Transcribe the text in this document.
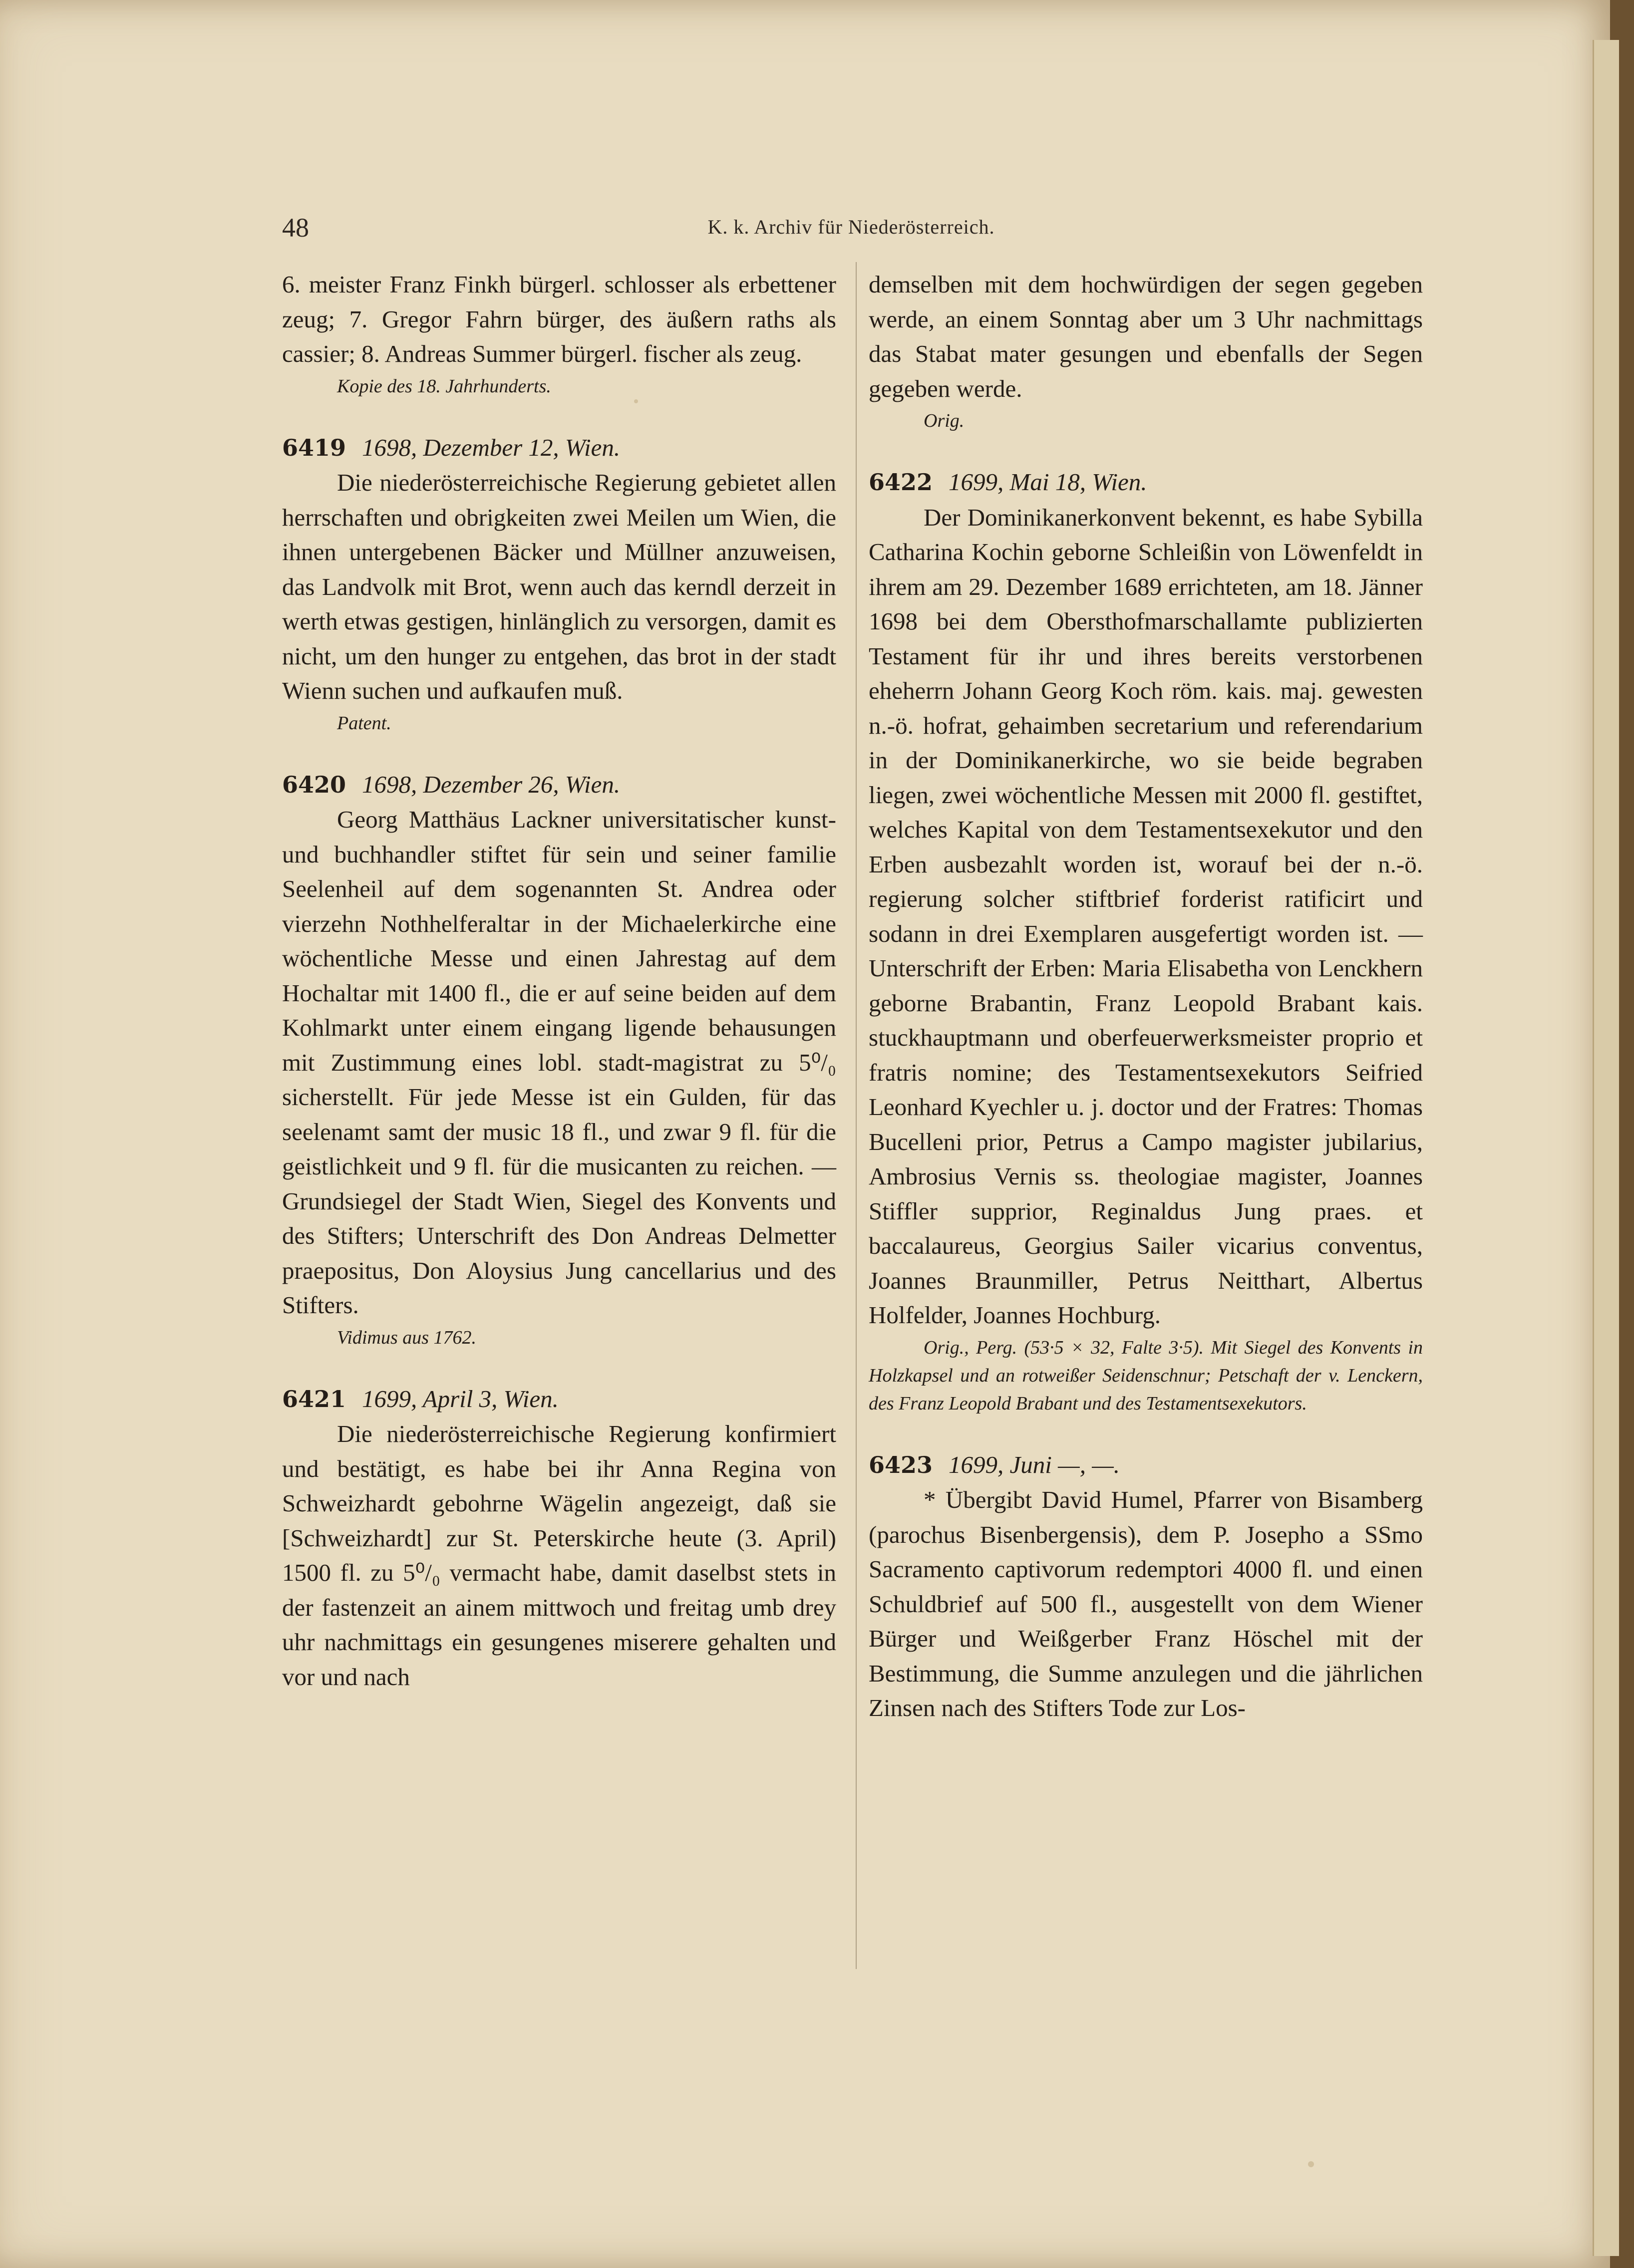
48	K. k. Archiv für Niederösterreich.

6. meister Franz Finkh bürgerl. schlosser als erbettener zeug; 7. Gregor Fahrn bürger, des äußern raths als cassier; 8. Andreas Summer bürgerl. fischer als zeug.

Kopie des 18. Jahrhunderts.

6419 1698, Dezember 12, Wien.

Die niederösterreichische Regierung gebietet allen herrschaften und obrigkeiten zwei Meilen um Wien, die ihnen untergebenen Bäcker und Müllner anzuweisen, das Landvolk mit Brot, wenn auch das kerndl derzeit in werth etwas gestigen, hinlänglich zu versorgen, damit es nicht, um den hunger zu entgehen, das brot in der stadt Wienn suchen und aufkaufen muß.

Patent.

6420 1698, Dezember 26, Wien.

Georg Matthäus Lackner universitatischer kunst- und buchhandler stiftet für sein und seiner familie Seelenheil auf dem sogenannten St. Andrea oder vierzehn Nothhelferaltar in der Michaelerkirche eine wöchentliche Messe und einen Jahrestag auf dem Hochaltar mit 1400 fl., die er auf seine beiden auf dem Kohlmarkt unter einem eingang ligende behausungen mit Zustimmung eines lobl. stadt-magistrat zu 5⁰/₀ sicherstellt. Für jede Messe ist ein Gulden, für das seelenamt samt der music 18 fl., und zwar 9 fl. für die geistlichkeit und 9 fl. für die musicanten zu reichen. — Grundsiegel der Stadt Wien, Siegel des Konvents und des Stifters; Unterschrift des Don Andreas Delmetter praepositus, Don Aloysius Jung cancellarius und des Stifters.

Vidimus aus 1762.

6421 1699, April 3, Wien.

Die niederösterreichische Regierung konfirmiert und bestätigt, es habe bei ihr Anna Regina von Schweizhardt gebohrne Wägelin angezeigt, daß sie [Schweizhardt] zur St. Peterskirche heute (3. April) 1500 fl. zu 5⁰/₀ vermacht habe, damit daselbst stets in der fastenzeit an ainem mittwoch und freitag umb drey uhr nachmittags ein gesungenes miserere gehalten und vor und nach

demselben mit dem hochwürdigen der segen gegeben werde, an einem Sonntag aber um 3 Uhr nachmittags das Stabat mater gesungen und ebenfalls der Segen gegeben werde.

Orig.

6422 1699, Mai 18, Wien.

Der Dominikanerkonvent bekennt, es habe Sybilla Catharina Kochin geborne Schleißin von Löwenfeldt in ihrem am 29. Dezember 1689 errichteten, am 18. Jänner 1698 bei dem Obersthofmarschallamte publizierten Testament für ihr und ihres bereits verstorbenen eheherrn Johann Georg Koch röm. kais. maj. gewesten n.-ö. hofrat, gehaimben secretarium und referendarium in der Dominikanerkirche, wo sie beide begraben liegen, zwei wöchentliche Messen mit 2000 fl. gestiftet, welches Kapital von dem Testamentsexekutor und den Erben ausbezahlt worden ist, worauf bei der n.-ö. regierung solcher stiftbrief forderist ratificirt und sodann in drei Exemplaren ausgefertigt worden ist. — Unterschrift der Erben: Maria Elisabetha von Lenckhern geborne Brabantin, Franz Leopold Brabant kais. stuckhauptmann und oberfeuerwerksmeister proprio et fratris nomine; des Testamentsexekutors Seifried Leonhard Kyechler u. j. doctor und der Fratres: Thomas Bucelleni prior, Petrus a Campo magister jubilarius, Ambrosius Vernis ss. theologiae magister, Joannes Stiffler supprior, Reginaldus Jung praes. et baccalaureus, Georgius Sailer vicarius conventus, Joannes Braunmiller, Petrus Neitthart, Albertus Holfelder, Joannes Hochburg.

Orig., Perg. (53·5 × 32, Falte 3·5). Mit Siegel des Konvents in Holzkapsel und an rotweißer Seidenschnur; Petschaft der v. Lenckern, des Franz Leopold Brabant und des Testamentsexekutors.

6423 1699, Juni —, —.

* Übergibt David Humel, Pfarrer von Bisamberg (parochus Bisenbergensis), dem P. Josepho a SSmo Sacramento captivorum redemptori 4000 fl. und einen Schuldbrief auf 500 fl., ausgestellt von dem Wiener Bürger und Weißgerber Franz Höschel mit der Bestimmung, die Summe anzulegen und die jährlichen Zinsen nach des Stifters Tode zur Los-
